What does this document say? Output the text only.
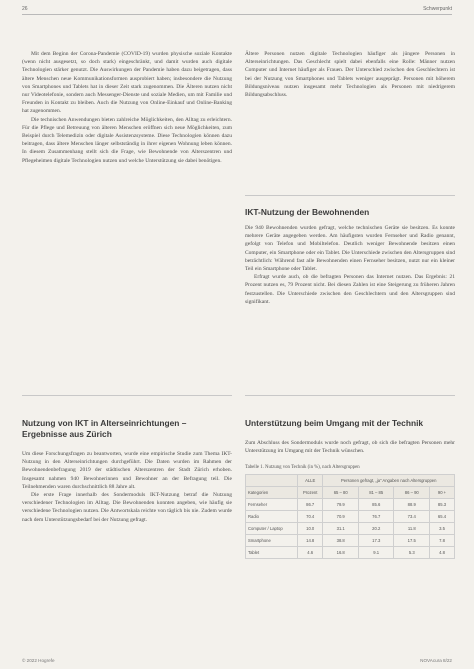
26	Schwerpunkt

Mit dem Beginn der Corona-Pandemie (COVID-19) wurden physische soziale Kontakte (wenn nicht ausgesetzt, so doch stark) eingeschränkt, und damit wurden auch digitale Technologien stärker genutzt. Die Auswirkungen der Pandemie haben dazu beigetragen, dass ältere Menschen neue Kommunikationsformen ausprobiert haben; insbesondere die Nutzung von Smartphones und Tablets hat in dieser Zeit stark zugenommen. Die Älteren nutzen nicht nur Videotelefonie, sondern auch Messenger-Dienste und soziale Medien, um mit Familie und Freunden in Kontakt zu bleiben. Auch die Nutzung von Online-Einkauf und Online-Banking hat zugenommen.

Die technischen Anwendungen bieten zahlreiche Möglichkeiten, den Alltag zu erleichtern. Für die Pflege und Betreuung von älteren Menschen eröffnen sich neue Möglichkeiten, zum Beispiel durch Telemedizin oder digitale Assistenzsysteme. Diese Technologien können dazu beitragen, dass ältere Menschen länger selbstständig in ihrer eigenen Wohnung leben können. In diesem Zusammenhang stellt sich die Frage, wie Bewohnende von Alterszentren und Pflegeheimen digitale Technologien nutzen und welche Unterstützung sie dabei benötigen.

Ältere Personen nutzen digitale Technologien häufiger als jüngere Personen in Alterseinrichtungen. Das Geschlecht spielt dabei ebenfalls eine Rolle: Männer nutzen Computer und Internet häufiger als Frauen. Der Unterschied zwischen den Geschlechtern ist bei der Nutzung von Smartphones und Tablets weniger ausgeprägt. Personen mit höherem Bildungsniveau nutzen insgesamt mehr Technologien als Personen mit niedrigerem Bildungsabschluss.

IKT-Nutzung der Bewohnenden

Die 940 Bewohnenden wurden gefragt, welche technischen Geräte sie besitzen. Es konnte mehrere Geräte angegeben werden. Am häufigsten wurden Fernseher und Radio genannt, gefolgt von Telefon und Mobiltelefon. Deutlich weniger Bewohnende besitzen einen Computer, ein Smartphone oder ein Tablet. Die Unterschiede zwischen den Altersgruppen sind beträchtlich: Während fast alle Bewohnenden einen Fernseher besitzen, nutzt nur ein kleiner Teil ein Smartphone oder Tablet.

Erfragt wurde auch, ob die befragten Personen das Internet nutzen. Das Ergebnis: 21 Prozent nutzen es, 79 Prozent nicht. Bei diesen Zahlen ist eine Steigerung zu früheren Jahren festzustellen. Die Unterschiede zwischen den Geschlechtern und den Altersgruppen sind signifikant.

Nutzung von IKT in Alterseinrichtungen – Ergebnisse aus Zürich

Um diese Forschungsfragen zu beantworten, wurde eine empirische Studie zum Thema IKT-Nutzung in den Alterseinrichtungen durchgeführt. Die Daten wurden im Rahmen der Bewohnendenbefragung 2019 der städtischen Alterszentren der Stadt Zürich erhoben. Insgesamt nahmen 940 Bewohnerinnen und Bewohner an der Befragung teil. Die Teilnehmenden waren durchschnittlich 88 Jahre alt.

Die erste Frage innerhalb des Sondermoduls IKT-Nutzung betraf die Nutzung verschiedener Technologien im Alltag. Die Bewohnenden konnten angeben, wie häufig sie verschiedene Technologien nutzen. Die Antwortskala reichte von täglich bis nie. Zudem wurde nach dem Unterstützungsbedarf bei der Nutzung gefragt.

Unterstützung beim Umgang mit der Technik

Zum Abschluss des Sondermoduls wurde noch gefragt, ob sich die befragten Personen mehr Unterstützung im Umgang mit der Technik wünschen.

Tabelle 1. Nutzung von Technik (in %), nach Altersgruppen

	ALLE	Personen gefragt, „ja“ Angaben nach Altersgruppen			
Kategorien	Prozent	65 – 80	81 – 85	86 – 90	90 +
Fernseher	86.7	79.9	85.6	88.9	85.3
Radio	70.4	70.9	76.7	73.4	65.4
Computer / Laptop	10.0	31.1	20.2	11.8	3.5
Smartphone	14.8	38.8	17.3	17.5	7.8
Tablet	4.6	16.8	9.1	5.3	4.8
© 2022 Hogrefe	NOVAcura 8/22
